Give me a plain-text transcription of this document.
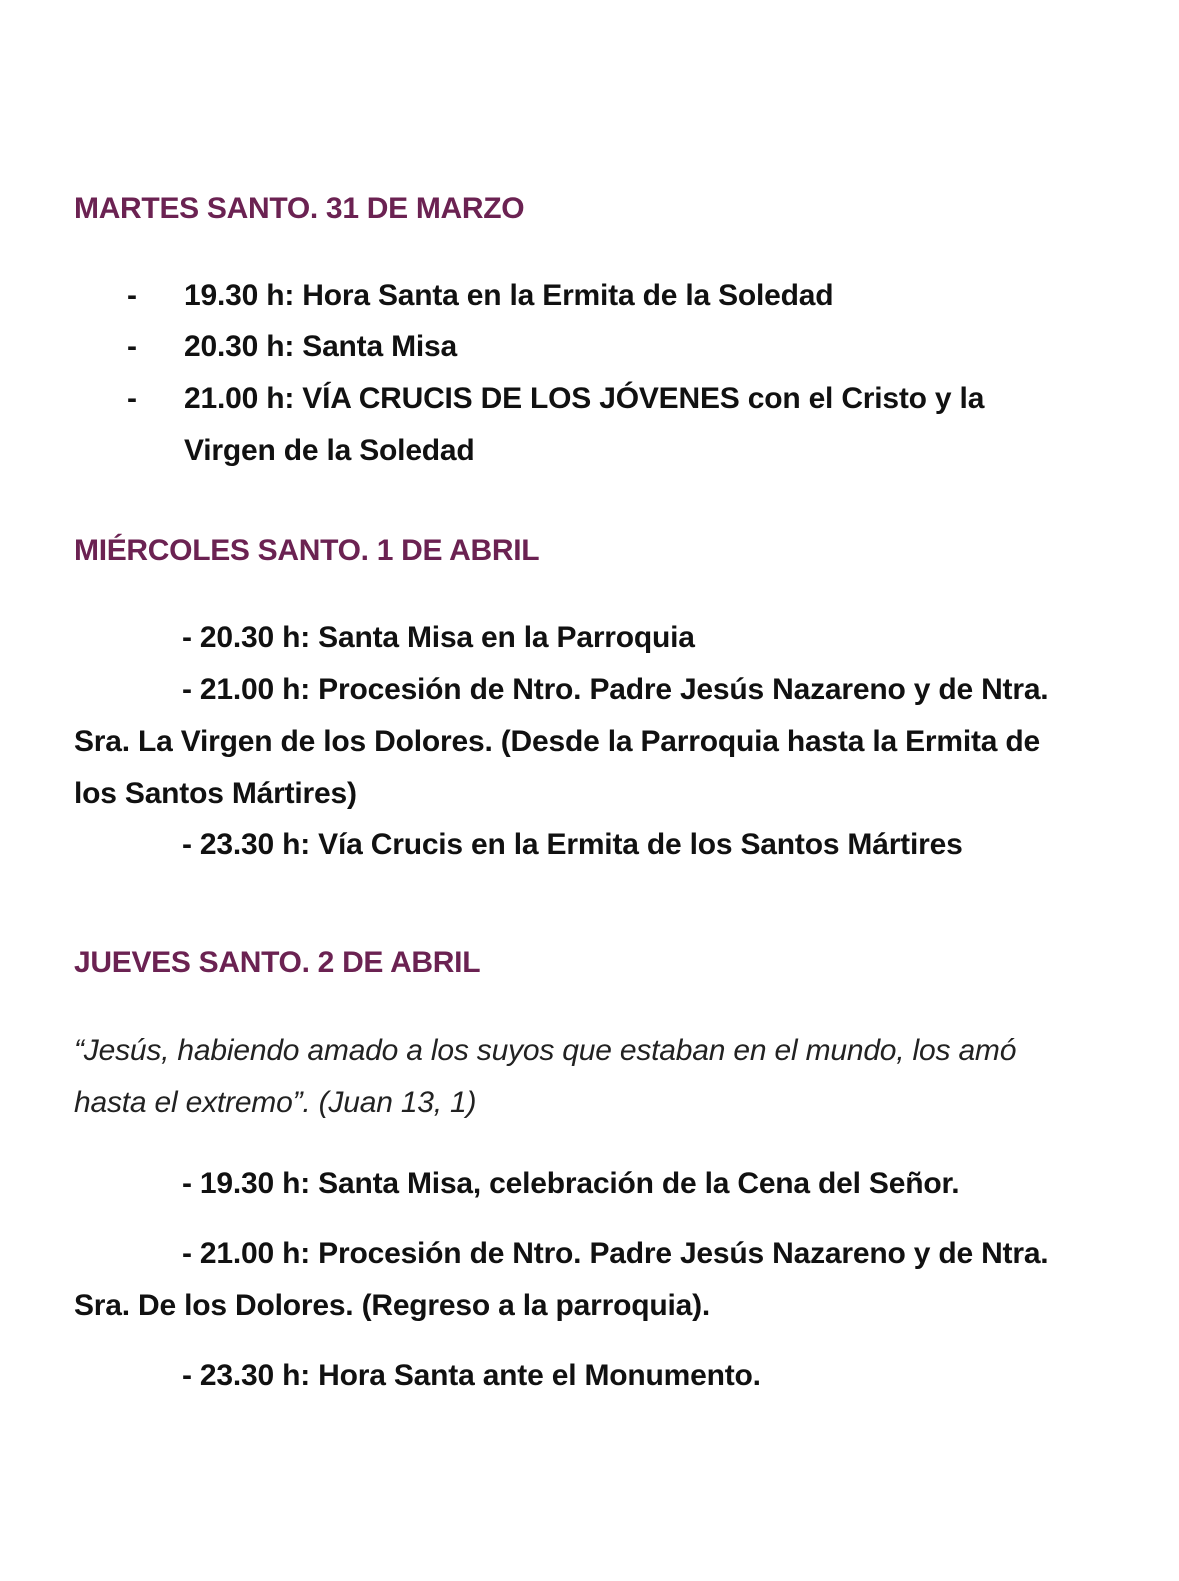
MARTES SANTO. 31 DE MARZO
- 19.30 h: Hora Santa en la Ermita de la Soledad
- 20.30 h: Santa Misa
- 21.00 h: VÍA CRUCIS DE LOS JÓVENES con el Cristo y la
Virgen de la Soledad
MIÉRCOLES SANTO. 1 DE ABRIL
- 20.30 h: Santa Misa en la Parroquia
- 21.00 h: Procesión de Ntro. Padre Jesús Nazareno y de Ntra. Sra. La Virgen de los Dolores. (Desde la Parroquia hasta la Ermita de los Santos Mártires)
- 23.30 h: Vía Crucis en la Ermita de los Santos Mártires
JUEVES SANTO. 2 DE ABRIL
“Jesús, habiendo amado a los suyos que estaban en el mundo, los amó hasta el extremo”. (Juan 13, 1)
- 19.30 h: Santa Misa, celebración de la Cena del Señor.
- 21.00 h: Procesión de Ntro. Padre Jesús Nazareno y de Ntra. Sra. De los Dolores. (Regreso a la parroquia).
- 23.30 h: Hora Santa ante el Monumento.
